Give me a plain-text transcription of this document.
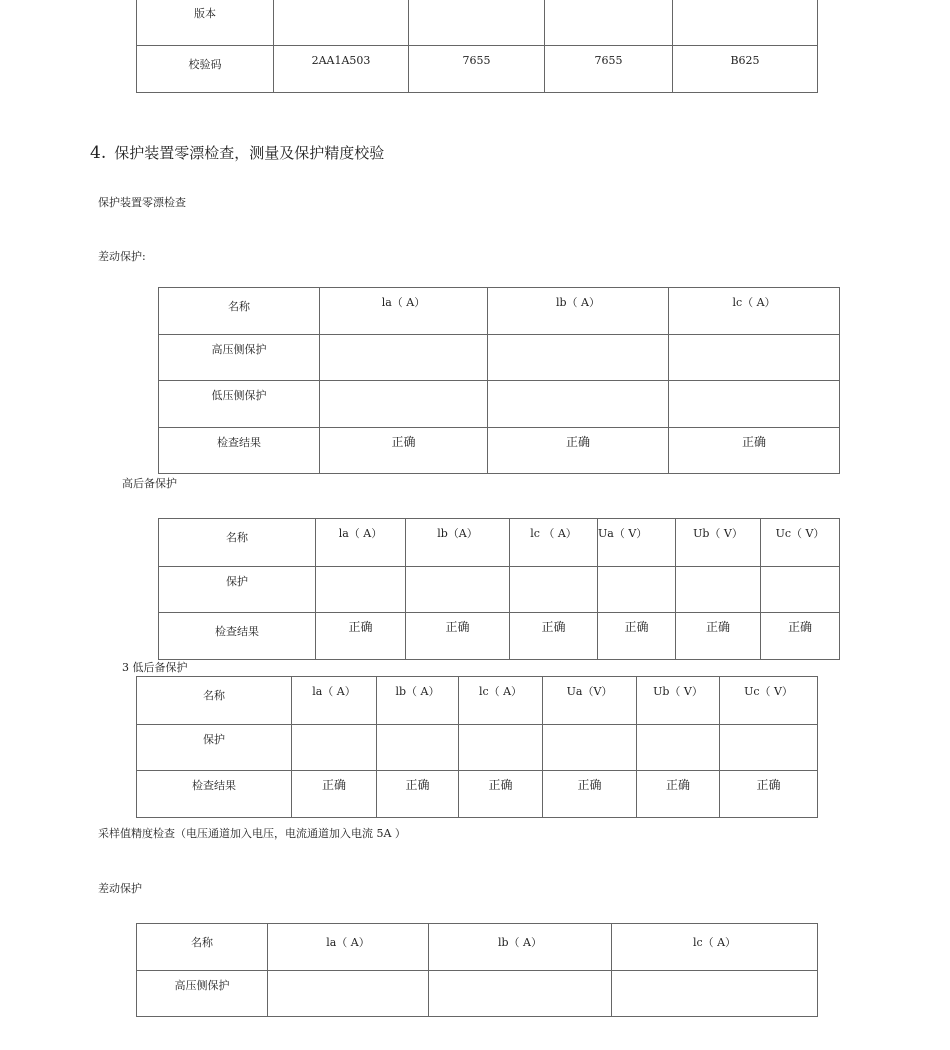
版本				

校验码	2AA1A503	7655	7655	B625
4. 保护装置零漂检查，测量及保护精度校验
保护装置零漂检查
差动保护:
名称	la（ A）	lb（ A）	lc（ A）

高压侧保护			

低压侧保护			

检查结果	正确	正确	正确
高后备保护
名称	la（ A）	lb（A）	lc （ A）	Ua（ V）	Ub（ V）	Uc（ V）

保护						

检查结果	正确	正确	正确	正确	正确	正确
3 低后备保护
名称	la（ A）	lb（ A）	lc（ A）	Ua（V）	Ub（ V）	Uc（ V）

保护						

检查结果	正确	正确	正确	正确	正确	正确
采样值精度检查（电压通道加入电压，电流通道加入电流 5A ）
差动保护
名称	la（ A）	lb（ A）	lc（ A）

高压侧保护			
